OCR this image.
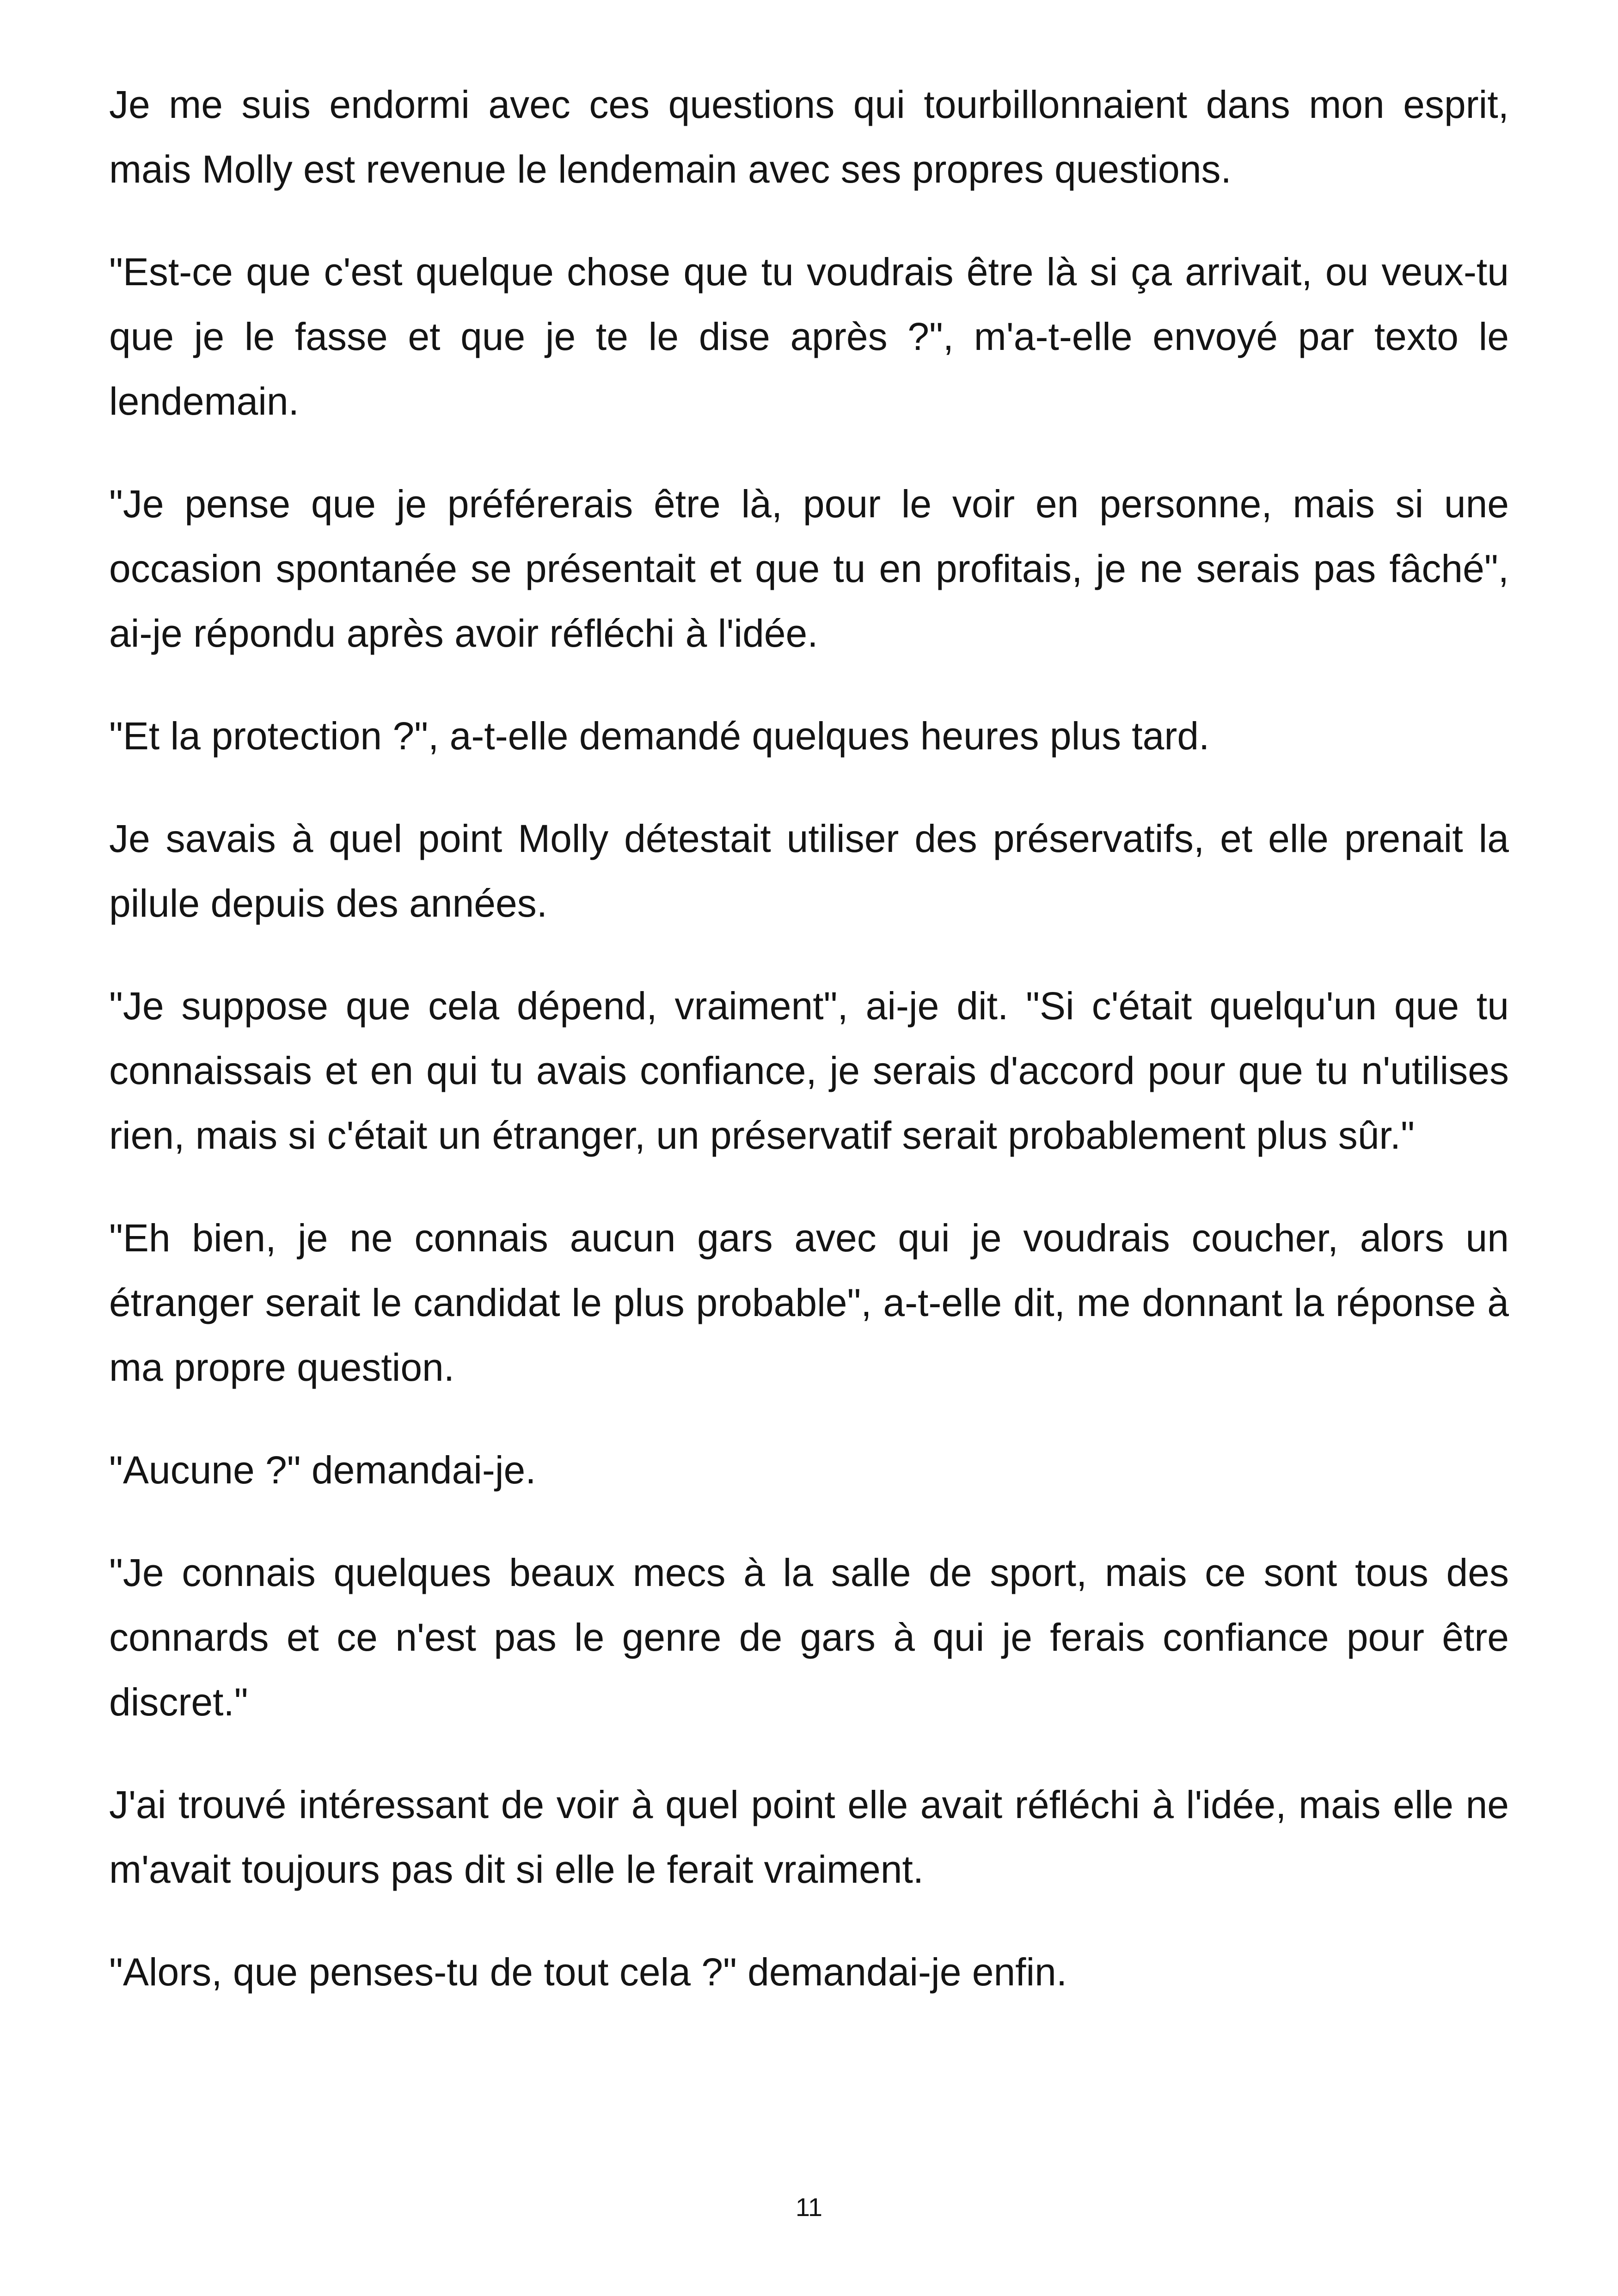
Je me suis endormi avec ces questions qui tourbillonnaient dans mon esprit, mais Molly est revenue le lendemain avec ses propres questions.

"Est-ce que c'est quelque chose que tu voudrais être là si ça arrivait, ou veux-tu que je le fasse et que je te le dise après ?", m'a-t-elle envoyé par texto le lendemain.

"Je pense que je préférerais être là, pour le voir en personne, mais si une occasion spontanée se présentait et que tu en profitais, je ne serais pas fâché", ai-je répondu après avoir réfléchi à l'idée.

"Et la protection ?", a-t-elle demandé quelques heures plus tard.

Je savais à quel point Molly détestait utiliser des préservatifs, et elle prenait la pilule depuis des années.

"Je suppose que cela dépend, vraiment", ai-je dit. "Si c'était quelqu'un que tu connaissais et en qui tu avais confiance, je serais d'accord pour que tu n'utilises rien, mais si c'était un étranger, un préservatif serait probablement plus sûr."

"Eh bien, je ne connais aucun gars avec qui je voudrais coucher, alors un étranger serait le candidat le plus probable", a-t-elle dit, me donnant la réponse à ma propre question.

"Aucune ?" demandai-je.

"Je connais quelques beaux mecs à la salle de sport, mais ce sont tous des connards et ce n'est pas le genre de gars à qui je ferais confiance pour être discret."

J'ai trouvé intéressant de voir à quel point elle avait réfléchi à l'idée, mais elle ne m'avait toujours pas dit si elle le ferait vraiment.

"Alors, que penses-tu de tout cela ?" demandai-je enfin.

11
